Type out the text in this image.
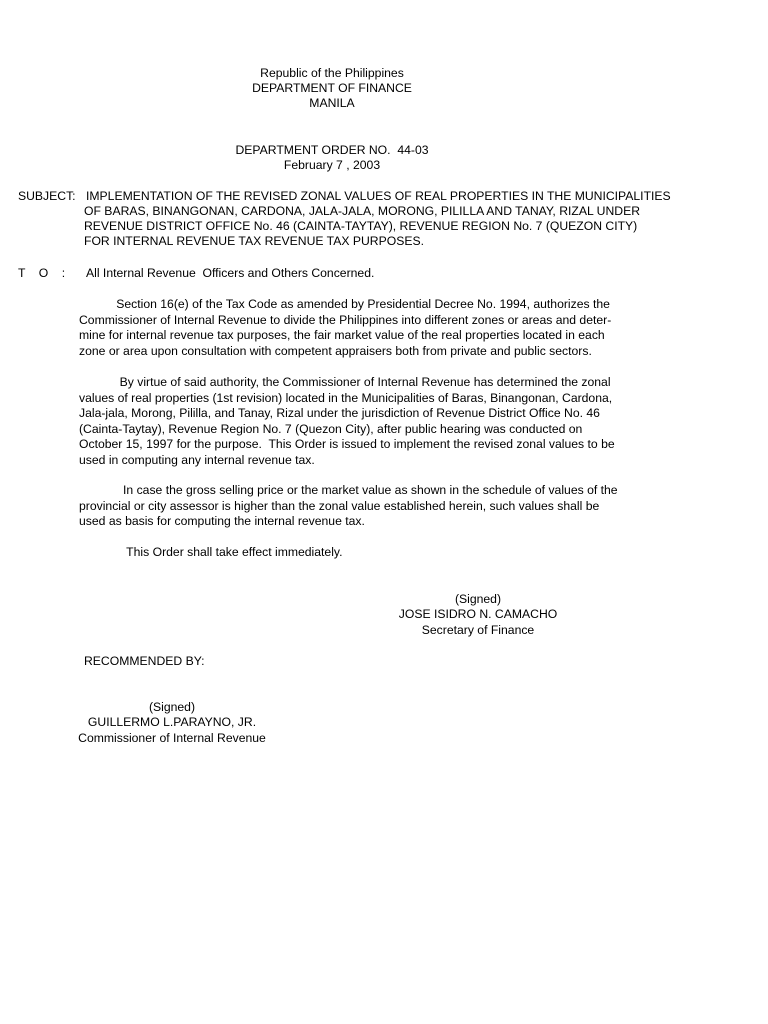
Republic of the Philippines

DEPARTMENT OF FINANCE

MANILA

DEPARTMENT ORDER NO.  44-03

February 7 , 2003

SUBJECT: IMPLEMENTATION OF THE REVISED ZONAL VALUES OF REAL PROPERTIES IN THE MUNICIPALITIES

OF BARAS, BINANGONAN, CARDONA, JALA-JALA, MORONG, PILILLA AND TANAY, RIZAL UNDER

REVENUE DISTRICT OFFICE No. 46 (CAINTA-TAYTAY), REVENUE REGION No. 7 (QUEZON CITY)

FOR INTERNAL REVENUE TAX REVENUE TAX PURPOSES.

T    O    : All Internal Revenue  Officers and Others Concerned.

Section 16(e) of the Tax Code as amended by Presidential Decree No. 1994, authorizes the
Commissioner of Internal Revenue to divide the Philippines into different zones or areas and deter-
mine for internal revenue tax purposes, the fair market value of the real properties located in each
zone or area upon consultation with competent appraisers both from private and public sectors.
By virtue of said authority, the Commissioner of Internal Revenue has determined the zonal
values of real properties (1st revision) located in the Municipalities of Baras, Binangonan, Cardona,
Jala-jala, Morong, Pililla, and Tanay, Rizal under the jurisdiction of Revenue District Office No. 46
(Cainta-Taytay), Revenue Region No. 7 (Quezon City), after public hearing was conducted on
October 15, 1997 for the purpose.  This Order is issued to implement the revised zonal values to be
used in computing any internal revenue tax.
In case the gross selling price or the market value as shown in the schedule of values of the
provincial or city assessor is higher than the zonal value established herein, such values shall be
used as basis for computing the internal revenue tax.
This Order shall take effect immediately.

(Signed)

JOSE ISIDRO N. CAMACHO

Secretary of Finance

RECOMMENDED BY:

(Signed)

GUILLERMO L.PARAYNO, JR.

Commissioner of Internal Revenue
